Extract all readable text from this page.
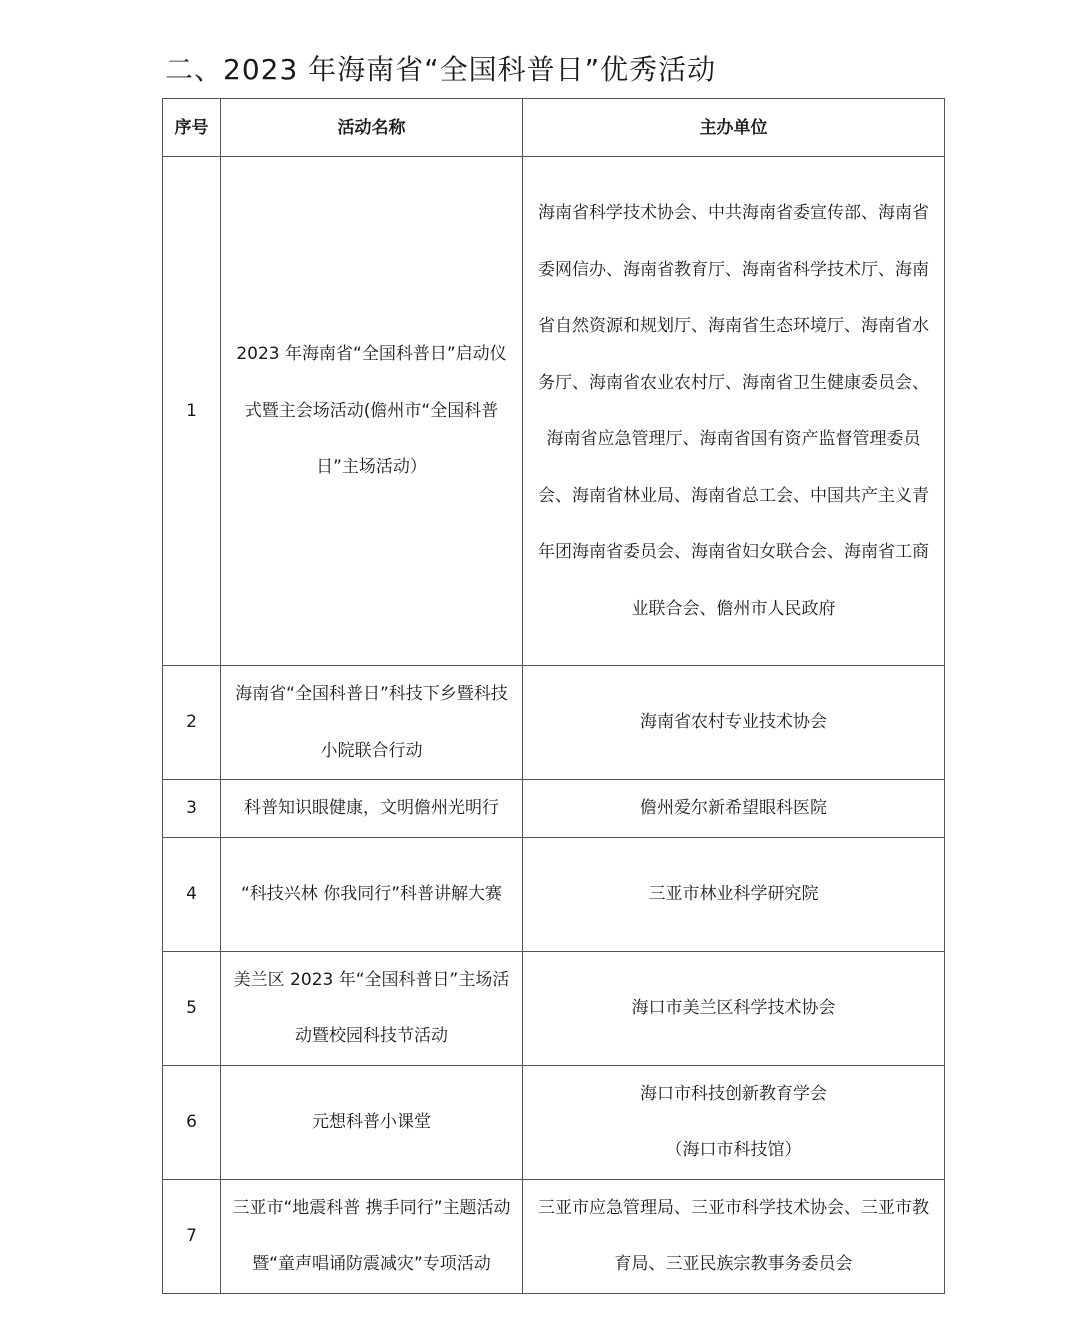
二、2023 年海南省“全国科普日”优秀活动
序号	活动名称	主办单位
1	2023 年海南省“全国科普日”启动仪式暨主会场活动(儋州市“全国科普日”主场活动）	海南省科学技术协会、中共海南省委宣传部、海南省委网信办、海南省教育厅、海南省科学技术厅、海南省自然资源和规划厅、海南省生态环境厅、海南省水务厅、海南省农业农村厅、海南省卫生健康委员会、海南省应急管理厅、海南省国有资产监督管理委员会、海南省林业局、海南省总工会、中国共产主义青年团海南省委员会、海南省妇女联合会、海南省工商业联合会、儋州市人民政府
2	海南省“全国科普日”科技下乡暨科技小院联合行动	海南省农村专业技术协会
3	科普知识眼健康，文明儋州光明行	儋州爱尔新希望眼科医院
4	“科技兴林 你我同行”科普讲解大赛	三亚市林业科学研究院
5	美兰区 2023 年“全国科普日”主场活动暨校园科技节活动	海口市美兰区科学技术协会
6	元想科普小课堂	海口市科技创新教育学会
（海口市科技馆）

7	三亚市“地震科普 携手同行”主题活动暨“童声唱诵防震减灾”专项活动	三亚市应急管理局、三亚市科学技术协会、三亚市教育局、三亚民族宗教事务委员会
